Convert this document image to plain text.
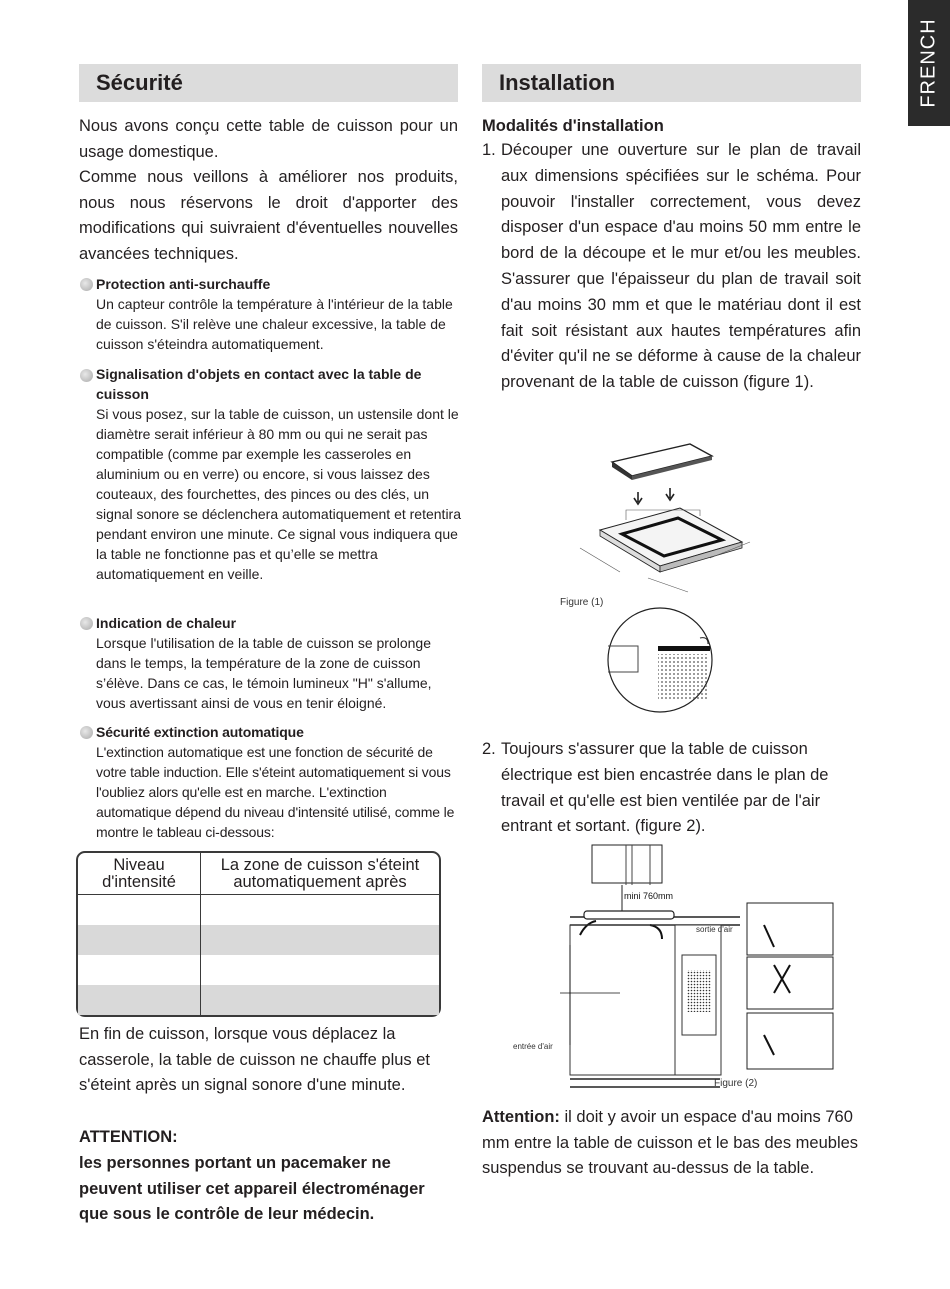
FRENCH
Sécurité
Nous avons conçu cette table de cuisson pour un usage domestique.
Comme nous veillons à améliorer nos produits, nous nous réservons le droit d'apporter des modifications qui suivraient d'éventuelles nouvelles avancées techniques.
Protection anti-surchauffe
Un capteur contrôle la température à l'intérieur de la table de cuisson. S'il relève une chaleur excessive, la table de cuisson s'éteindra automatiquement.
Signalisation d'objets en contact avec la table de cuisson
Si vous posez, sur la table de cuisson, un ustensile dont le diamètre serait inférieur à 80 mm ou qui ne serait pas compatible (comme par exemple les casseroles en aluminium ou en verre) ou encore, si vous laissez des couteaux, des fourchettes, des pinces ou des clés, un signal sonore se déclenchera automatiquement et retentira pendant environ une minute. Ce signal vous indiquera que la table ne fonctionne pas et qu’elle se mettra automatiquement en veille.
Indication de chaleur
Lorsque l'utilisation de la table de cuisson se prolonge dans le temps, la température de la zone de cuisson s’élève. Dans ce cas, le témoin lumineux "H" s'allume, vous avertissant ainsi de vous en tenir éloigné.
Sécurité extinction automatique
L'extinction automatique est une fonction de sécurité de votre table induction. Elle s'éteint automatiquement si vous l'oubliez alors qu'elle est en marche. L'extinction automatique dépend du niveau d'intensité utilisé, comme le montre le tableau ci-dessous:
Niveau d'intensité	La zone de cuisson s'éteint automatiquement après

En fin de cuisson, lorsque vous déplacez la casserole, la table de cuisson ne chauffe plus et s'éteint après un signal sonore d'une minute.
ATTENTION:
les personnes portant un pacemaker ne peuvent utiliser cet appareil électroménager que sous le contrôle de leur médecin.
Installation
Modalités d'installation
1. Découper une ouverture sur le plan de travail aux dimensions spécifiées sur le schéma. Pour pouvoir l'installer correctement, vous devez disposer d'un espace d'au moins 50 mm entre le bord de la découpe et le mur et/ou les meubles. S'assurer que l'épaisseur du plan de travail soit d'au moins 30 mm et que le matériau dont il est fait soit résistant aux hautes températures afin d'éviter qu'il ne se déforme à cause de la chaleur provenant de la table de cuisson (figure 1).
Figure (1)
2. Toujours s'assurer que la table de cuisson électrique est bien encastrée dans le plan de travail et qu'elle est bien ventilée par de l'air entrant et sortant. (figure 2).
mini 760mm
sortie d'air
entrée d'air
Figure (2)
Attention: il doit y avoir un espace d'au moins 760 mm entre la table de cuisson et le bas des meubles suspendus se trouvant au-dessus de la table.
